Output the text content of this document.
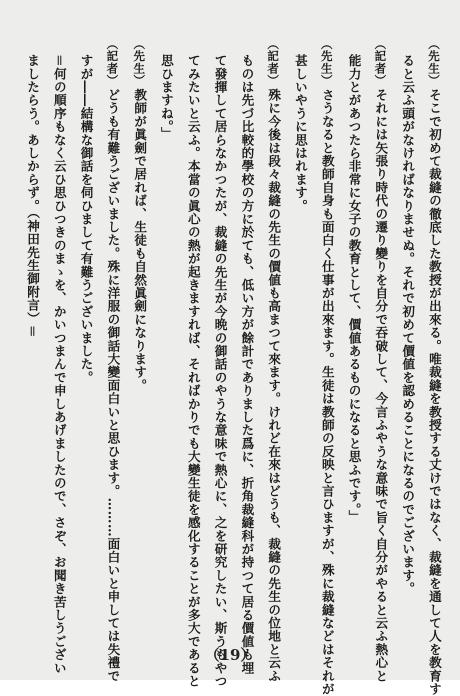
（先生）そこで初めて裁縫の徹底した教授が出來る。唯裁縫を教授する丈けではなく、裁縫を通して人を教育す
ると云ふ頭がなければなりませぬ。それで初めて價値を認めることになるのでございます。
（記者）それには矢張り時代の遷り變りを自分で吞破して、今言ふやうな意味で旨く自分がやると云ふ熱心と
能力とがあつたら非常に女子の教育として、價値あるものになると思ふです。」
（先生）さうなると教師自身も面白く仕事が出來ます。生徒は教師の反映と言ひますが、殊に裁縫などはそれが
甚しいやうに思はれます。
（記者）殊に今後は段々裁縫の先生の價値も高まつて來ます。けれど在來はどうも、裁縫の先生の位地と云ふ
ものは先づ比較的學校の方に於ても、低い方が餘計でありました爲に、折角裁縫科が持つて居る價値も埋
て發揮して居らなかつたが、裁縫の先生が今晩の御話のやうな意味で熱心に、之を研究したい、斯うもやつ
てみたいと云ふ。本當の眞心の熱が起きますれば、そればかりでも大變生徒を感化することが多大であると
思ひますね。」
（先生）教師が眞劍で居れば、生徒も自然眞劍になります。
（記者）どうも有難うございました。殊に洋服の御話大變面白いと思ひます。………面白いと申しては失禮で
すが――結構な御話を伺ひまして有難うございました。
＝何の順序もなく云ひ思ひつきのまゝを、かいつまんで申しあげましたので、さぞ、お聞き苦しうござい
ましたらう。あしからず。（神田先生御附言）＝
（19）
